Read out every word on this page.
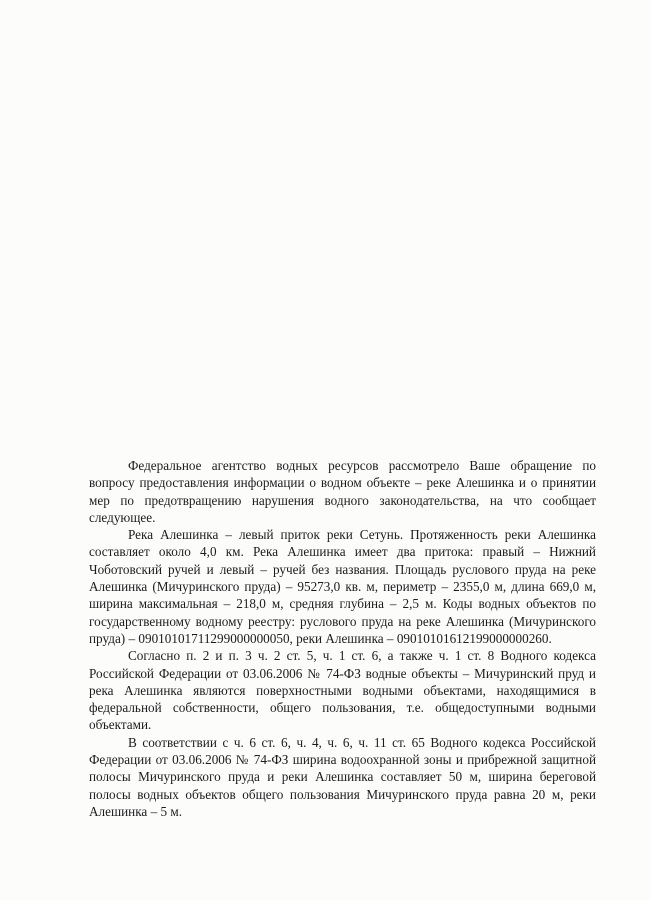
Федеральное агентство водных ресурсов рассмотрело Ваше обращение по вопросу предоставления информации о водном объекте – реке Алешинка и о принятии мер по предотвращению нарушения водного законодательства, на что сообщает следующее.

Река Алешинка – левый приток реки Сетунь. Протяженность реки Алешинка составляет около 4,0 км. Река Алешинка имеет два притока: правый – Нижний Чоботовский ручей и левый – ручей без названия. Площадь руслового пруда на реке Алешинка (Мичуринского пруда) – 95273,0 кв. м, периметр – 2355,0 м, длина 669,0 м, ширина максимальная – 218,0 м, средняя глубина – 2,5 м. Коды водных объектов по государственному водному реестру: руслового пруда на реке Алешинка (Мичуринского пруда) – 09010101711299000000050, реки Алешинка – 09010101612199000000260.

Согласно п. 2 и п. 3 ч. 2 ст. 5, ч. 1 ст. 6, а также ч. 1 ст. 8 Водного кодекса Российской Федерации от 03.06.2006 № 74-ФЗ водные объекты – Мичуринский пруд и река Алешинка являются поверхностными водными объектами, находящимися в федеральной собственности, общего пользования, т.е. общедоступными водными объектами.

В соответствии с ч. 6 ст. 6, ч. 4, ч. 6, ч. 11 ст. 65 Водного кодекса Российской Федерации от 03.06.2006 № 74-ФЗ ширина водоохранной зоны и прибрежной защитной полосы Мичуринского пруда и реки Алешинка составляет 50 м, ширина береговой полосы водных объектов общего пользования Мичуринского пруда равна 20 м, реки Алешинка – 5 м.
